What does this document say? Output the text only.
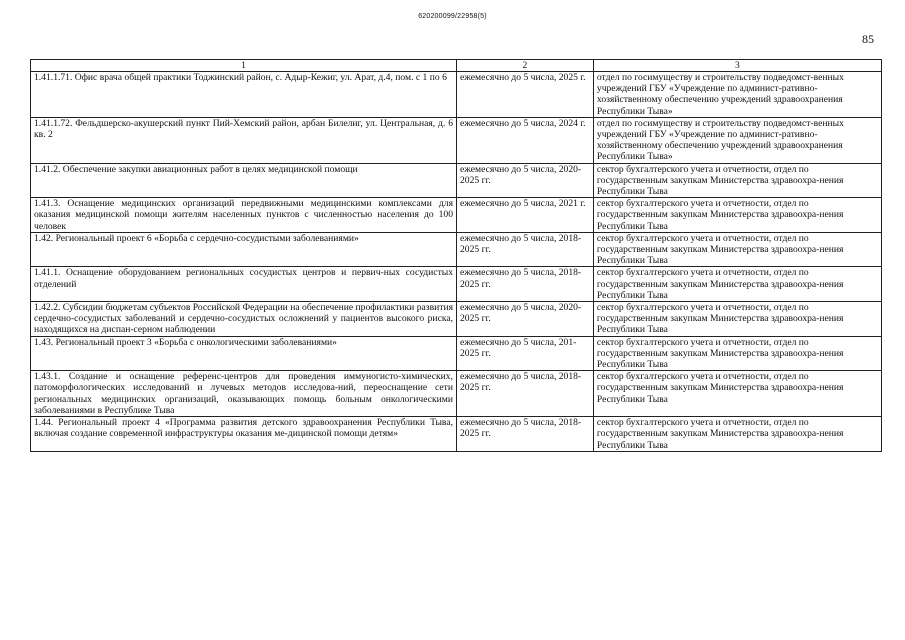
620200099/22958(5)
85
1	2	3
1.41.1.71. Офис врача общей практики Тоджинский район, с. Адыр-Кежиг, ул. Арат, д.4, пом. с 1 по 6	ежемесячно до 5 числа, 2025 г.	отдел по госимуществу и строительству подведомст-венных учреждений ГБУ «Учреждение по админист-ративно-хозяйственному обеспечению учреждений здравоохранения Республики Тыва»
1.41.1.72. Фельдшерско-акушерский пункт Пий-Хемский район, арбан Билелиг, ул. Центральная, д. 6 кв. 2	ежемесячно до 5 числа, 2024 г.	отдел по госимуществу и строительству подведомст-венных учреждений ГБУ «Учреждение по админист-ративно-хозяйственному обеспечению учреждений здравоохранения Республики Тыва»
1.41.2. Обеспечение закупки авиационных работ в целях медицинской помощи	ежемесячно до 5 числа, 2020-2025 гг.	сектор бухгалтерского учета и отчетности, отдел по государственным закупкам Министерства здравоохра-нения Республики Тыва
1.41.3. Оснащение медицинских организаций передвижными медицинскими комплексами для оказания медицинской помощи жителям населенных пунктов с численностью населения до 100 человек	ежемесячно до 5 числа, 2021 г.	сектор бухгалтерского учета и отчетности, отдел по государственным закупкам Министерства здравоохра-нения Республики Тыва
1.42. Региональный проект 6 «Борьба с сердечно-сосудистыми заболеваниями»	ежемесячно до 5 числа, 2018-2025 гг.	сектор бухгалтерского учета и отчетности, отдел по государственным закупкам Министерства здравоохра-нения Республики Тыва
1.41.1. Оснащение оборудованием региональных сосудистых центров и первич-ных сосудистых отделений	ежемесячно до 5 числа, 2018-2025 гг.	сектор бухгалтерского учета и отчетности, отдел по государственным закупкам Министерства здравоохра-нения Республики Тыва
1.42.2. Субсидии бюджетам субъектов Российской Федерации на обеспечение профилактики развития сердечно-сосудистых заболеваний и сердечно-сосудистых осложнений у пациентов высокого риска, находящихся на диспан-серном наблюдении	ежемесячно до 5 числа, 2020-2025 гг.	сектор бухгалтерского учета и отчетности, отдел по государственным закупкам Министерства здравоохра-нения Республики Тыва
1.43. Региональный проект 3 «Борьба с онкологическими заболеваниями»	ежемесячно до 5 числа, 201-2025 гг.	сектор бухгалтерского учета и отчетности, отдел по государственным закупкам Министерства здравоохра-нения Республики Тыва
1.43.1. Создание и оснащение референс-центров для проведения иммуногисто-химических, патоморфологических исследований и лучевых методов исследова-ний, переоснащение сети региональных медицинских организаций, оказывающих помощь больным онкологическими заболеваниями в Республике Тыва	ежемесячно до 5 числа, 2018-2025 гг.	сектор бухгалтерского учета и отчетности, отдел по государственным закупкам Министерства здравоохра-нения Республики Тыва
1.44. Региональный проект 4 «Программа развития детского здравоохранения Республики Тыва, включая создание современной инфраструктуры оказания ме-дицинской помощи детям»	ежемесячно до 5 числа, 2018-2025 гг.	сектор бухгалтерского учета и отчетности, отдел по государственным закупкам Министерства здравоохра-нения Республики Тыва
